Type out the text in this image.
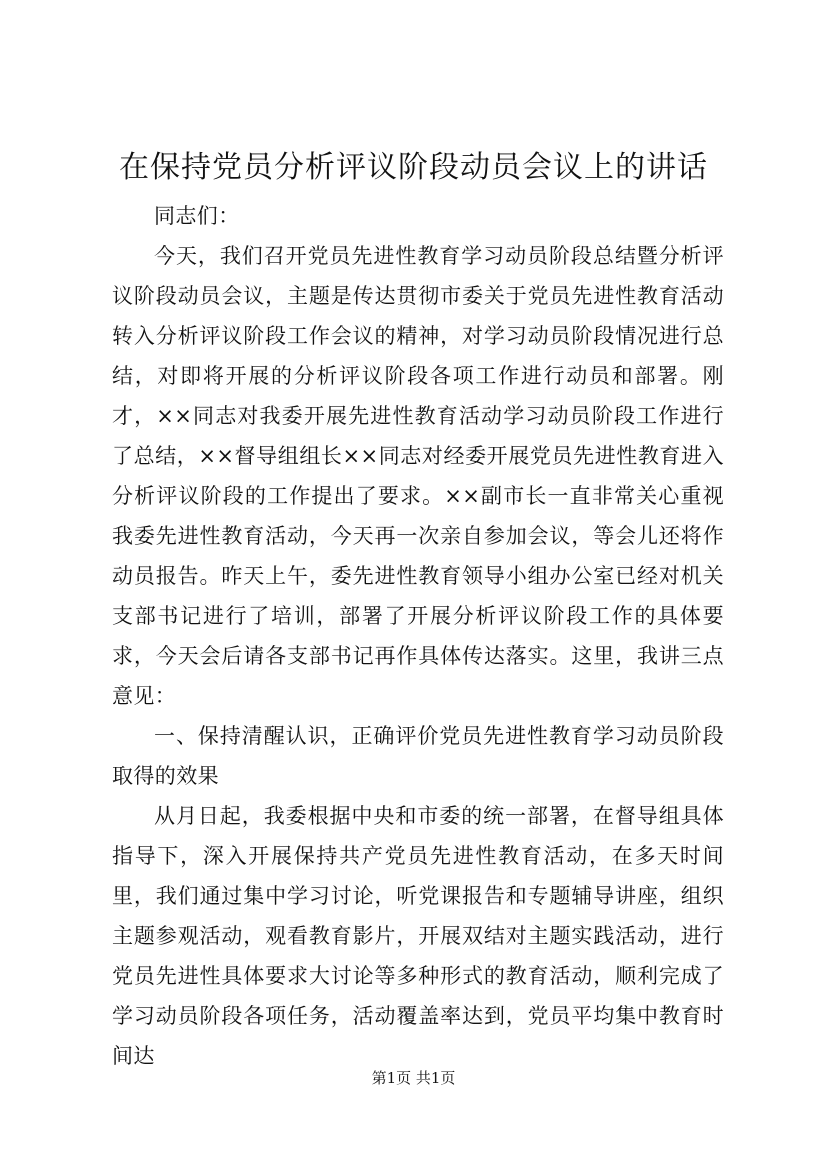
在保持党员分析评议阶段动员会议上的讲话

同志们：

今天，我们召开党员先进性教育学习动员阶段总结暨分析评议阶段动员会议，主题是传达贯彻市委关于党员先进性教育活动转入分析评议阶段工作会议的精神，对学习动员阶段情况进行总结，对即将开展的分析评议阶段各项工作进行动员和部署。刚才，××同志对我委开展先进性教育活动学习动员阶段工作进行了总结，××督导组组长××同志对经委开展党员先进性教育进入分析评议阶段的工作提出了要求。××副市长一直非常关心重视我委先进性教育活动，今天再一次亲自参加会议，等会儿还将作动员报告。昨天上午，委先进性教育领导小组办公室已经对机关支部书记进行了培训，部署了开展分析评议阶段工作的具体要求，今天会后请各支部书记再作具体传达落实。这里，我讲三点意见：

一、保持清醒认识，正确评价党员先进性教育学习动员阶段取得的效果

从月日起，我委根据中央和市委的统一部署，在督导组具体指导下，深入开展保持共产党员先进性教育活动，在多天时间里，我们通过集中学习讨论，听党课报告和专题辅导讲座，组织主题参观活动，观看教育影片，开展双结对主题实践活动，进行党员先进性具体要求大讨论等多种形式的教育活动，顺利完成了学习动员阶段各项任务，活动覆盖率达到，党员平均集中教育时间达

第1页 共1页
